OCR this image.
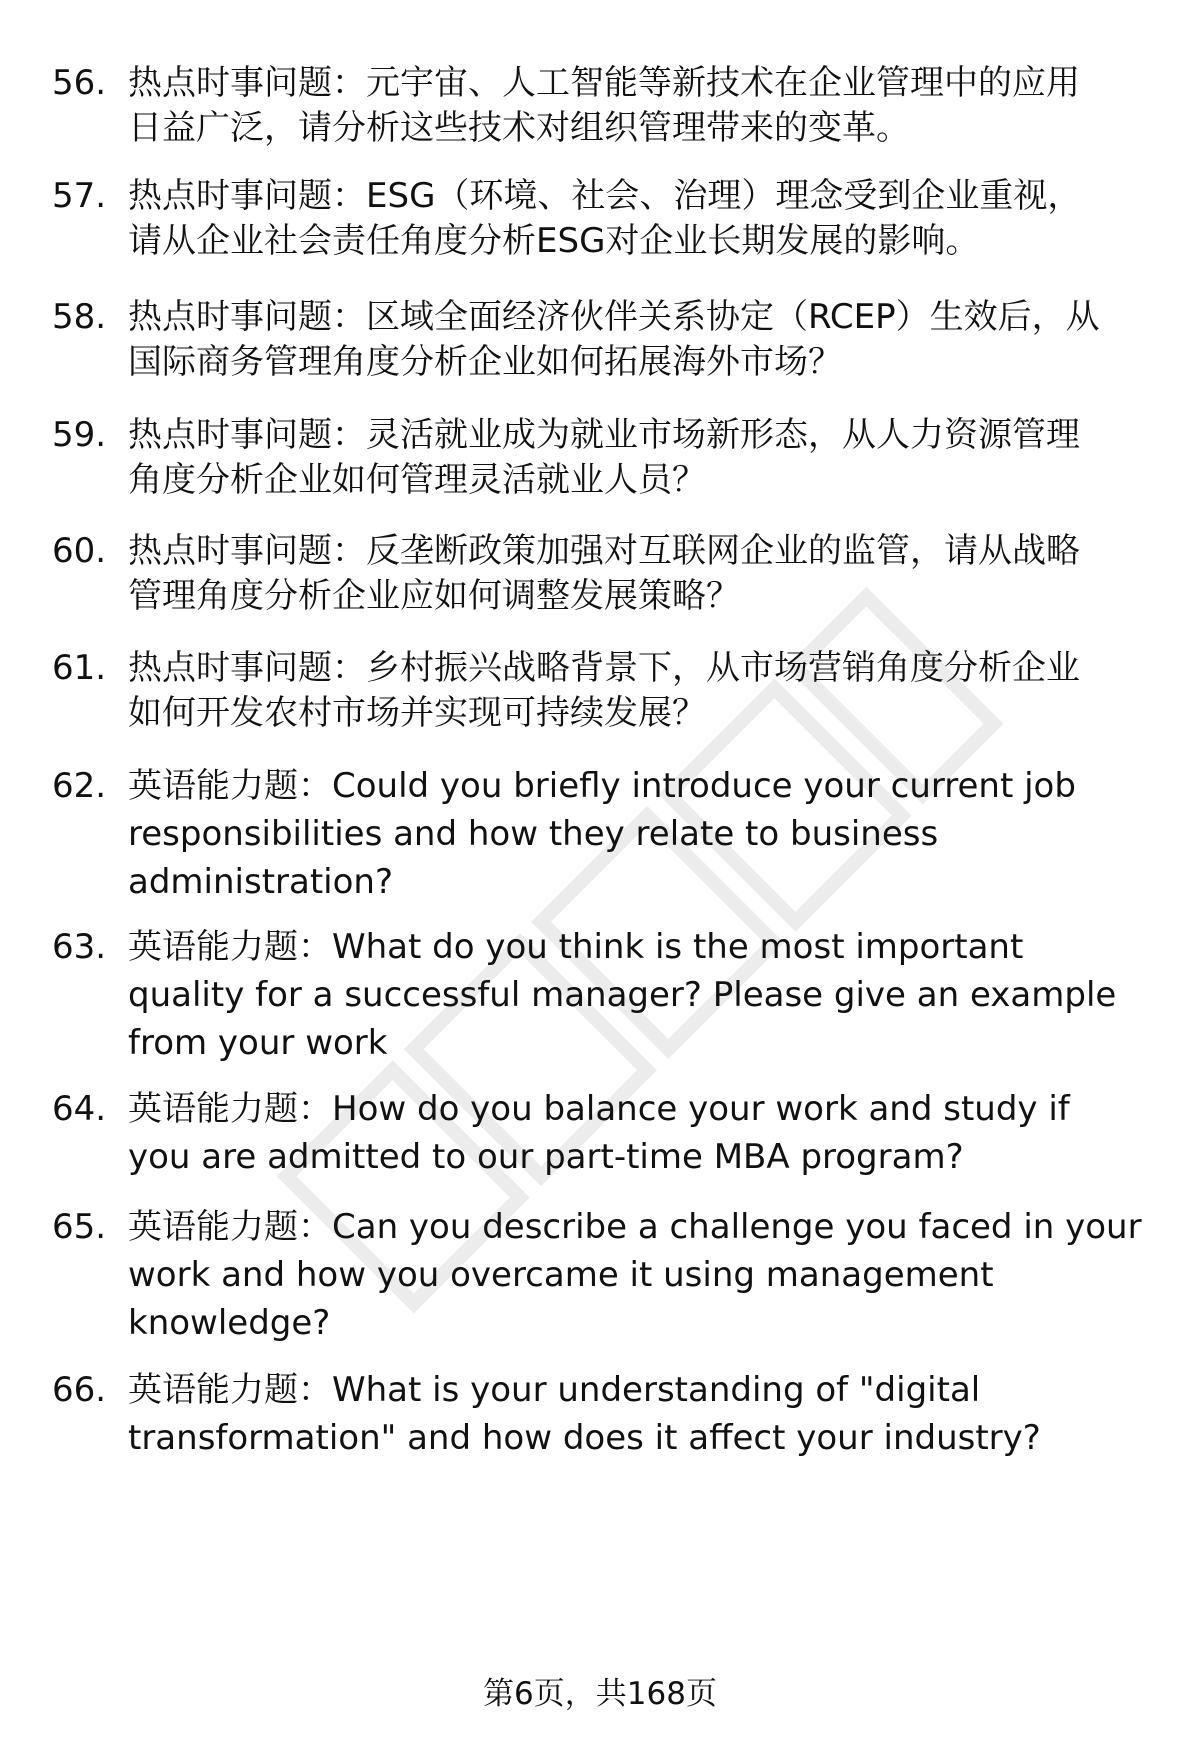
56. 热点时事问题：元宇宙、人工智能等新技术在企业管理中的应用
日益广泛，请分析这些技术对组织管理带来的变革。
57. 热点时事问题：ESG（环境、社会、治理）理念受到企业重视，
请从企业社会责任角度分析ESG对企业长期发展的影响。
58. 热点时事问题：区域全面经济伙伴关系协定（RCEP）生效后，从
国际商务管理角度分析企业如何拓展海外市场？
59. 热点时事问题：灵活就业成为就业市场新形态，从人力资源管理
角度分析企业如何管理灵活就业人员？
60. 热点时事问题：反垄断政策加强对互联网企业的监管，请从战略
管理角度分析企业应如何调整发展策略？
61. 热点时事问题：乡村振兴战略背景下，从市场营销角度分析企业
如何开发农村市场并实现可持续发展？
62. 英语能力题：Could you briefly introduce your current job
responsibilities and how they relate to business
administration?
63. 英语能力题：What do you think is the most important
quality for a successful manager? Please give an example
from your work
64. 英语能力题：How do you balance your work and study if
you are admitted to our part-time MBA program?
65. 英语能力题：Can you describe a challenge you faced in your
work and how you overcame it using management
knowledge?
66. 英语能力题：What is your understanding of "digital
transformation" and how does it affect your industry?
第6页，共168页
